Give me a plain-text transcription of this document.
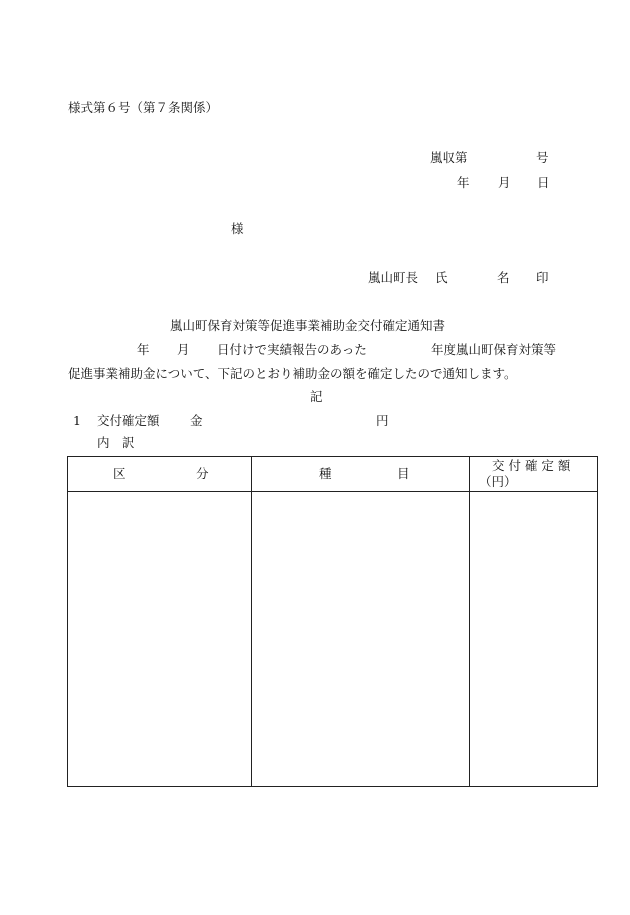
様式第６号（第７条関係）
嵐収第	号
年 月 日
様
嵐山町長 氏	名 印
嵐山町保育対策等促進事業補助金交付確定通知書
年 月 日付けで実績報告のあった	年度嵐山町保育対策等
促進事業補助金について、下記のとおり補助金の額を確定したので通知します。
記
1 交付確定額 金	円
内　訳
区 分	種 目	交 付 確 定 額
（円）
